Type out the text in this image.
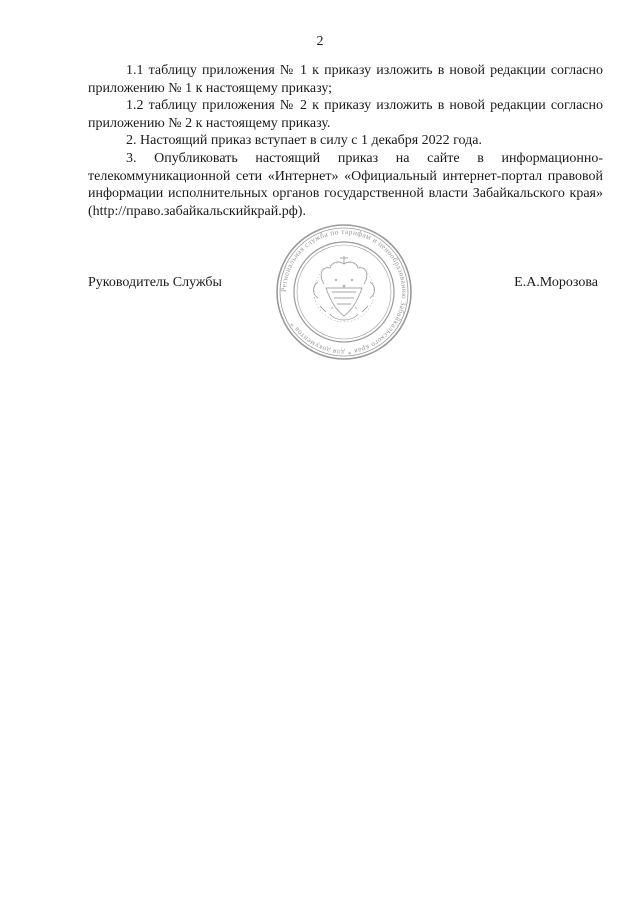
2

1.1 таблицу приложения № 1 к приказу изложить в новой редакции согласно приложению № 1 к настоящему приказу;

1.2 таблицу приложения № 2 к приказу изложить в новой редакции согласно приложению № 2 к настоящему приказу.

2. Настоящий приказ вступает в силу с 1 декабря 2022 года.

3. Опубликовать настоящий приказ на сайте в информационно-телекоммуникационной сети «Интернет» «Официальный интернет-портал правовой информации исполнительных органов государственной власти Забайкальского края» (http://право.забайкальскийкрай.рф).

Региональная служба по тарифам и ценообразованию Забайкальского края * для документов *
Руководитель Службы	Е.А.Морозова
